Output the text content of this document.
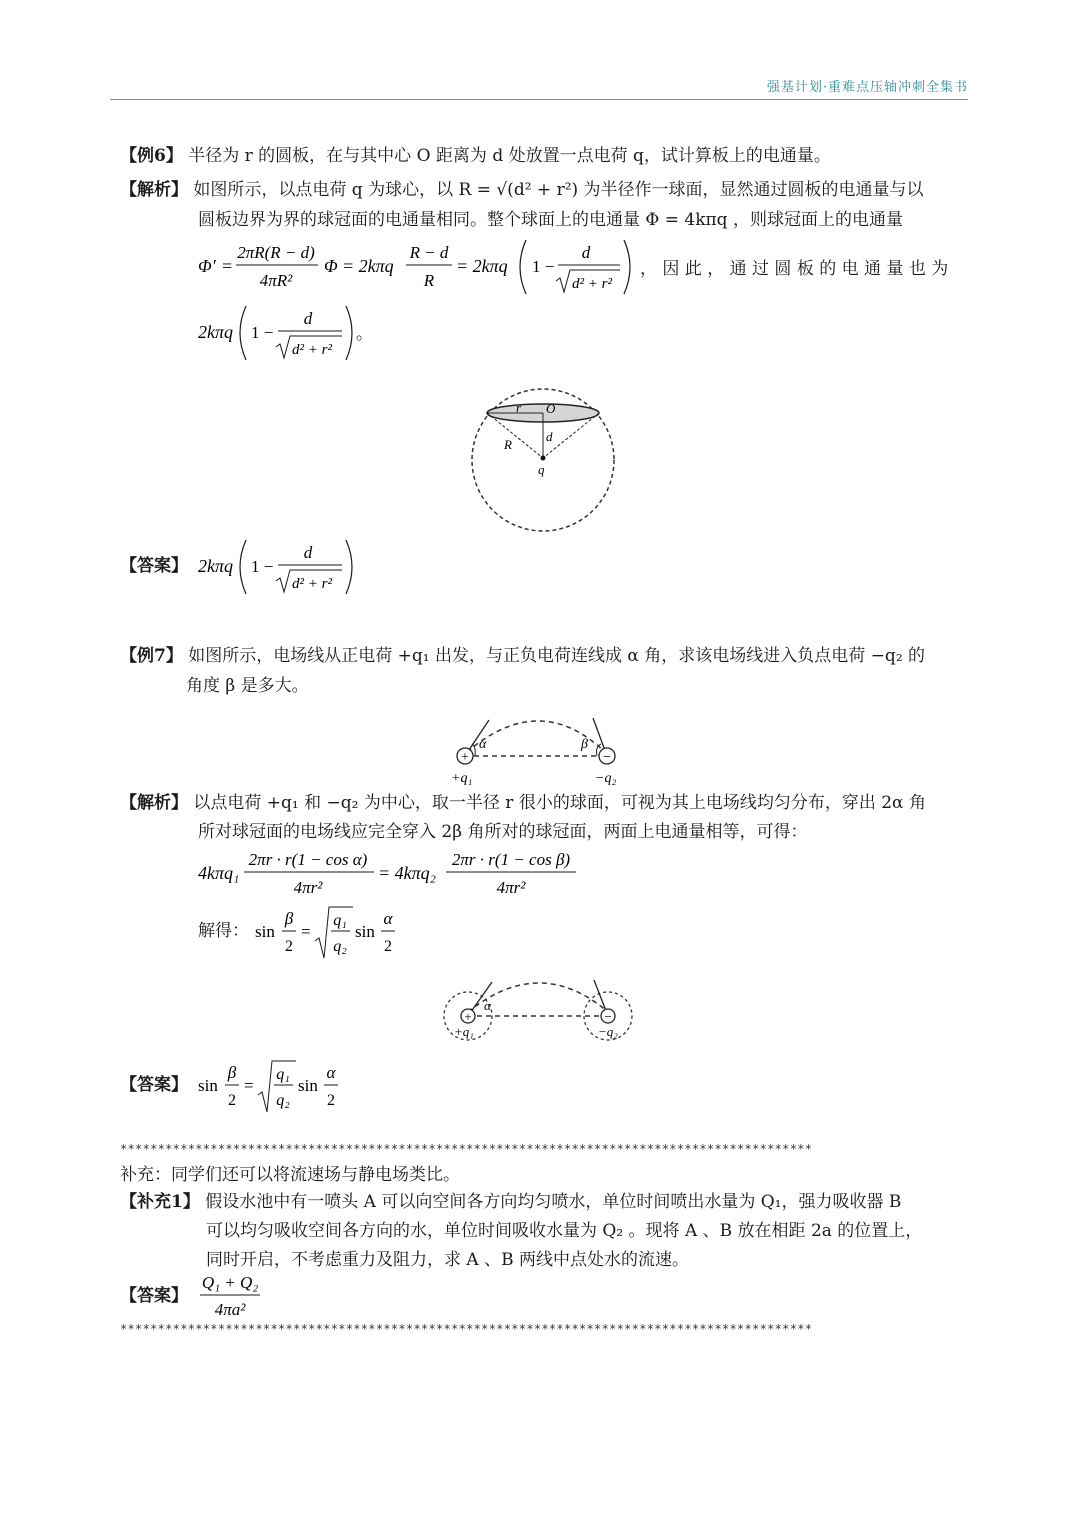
强基计划·重难点压轴冲刺全集书
【例6】 半径为 r 的圆板，在与其中心 O 距离为 d 处放置一点电荷 q，试计算板上的电通量。
【解析】 如图所示，以点电荷 q 为球心，以 R = √(d² + r²) 为半径作一球面，显然通过圆板的电通量与以
圆板边界为界的球冠面的电通量相同。整个球面上的电通量 Φ = 4kπq ，则球冠面上的电通量
Φ′ =
2πR(R − d)
4πR²
Φ = 2kπq
R − d
R
= 2kπq 1 −
d
d² + r²
， 因 此 ， 通 过 圆 板 的 电 通 量 也 为
2kπq 1 −
d
d² + r²
。
r O
d
R
q
【答案】 2kπq 1 −
d
d² + r²
【例7】 如图所示，电场线从正电荷 +q₁ 出发，与正负电荷连线成 α 角，求该电场线进入负点电荷 −q₂ 的
角度 β 是多大。
+	−
α	β
+q₁	−q₂
【解析】 以点电荷 +q₁ 和 −q₂ 为中心，取一半径 r 很小的球面，可视为其上电场线均匀分布，穿出 2α 角
所对球冠面的电场线应完全穿入 2β 角所对的球冠面，两面上电通量相等，可得：
4kπq₁
2πr · r(1 − cos α)
4πr²
= 4kπq₂
2πr · r(1 − cos β)
4πr²
解得： sin
β
2
=
q₁
q₂
sin
α
2
+	−
α
+q₁	−q₂
【答案】 sin
β
2
=
q₁
q₂
sin
α
2
********************************************************************************************
补充：同学们还可以将流速场与静电场类比。
【补充1】 假设水池中有一喷头 A 可以向空间各方向均匀喷水，单位时间喷出水量为 Q₁，强力吸收器 B
可以均匀吸收空间各方向的水，单位时间吸收水量为 Q₂ 。现将 A 、B 放在相距 2a 的位置上，
同时开启，不考虑重力及阻力，求 A 、B 两线中点处水的流速。
【答案】
Q₁ + Q₂
4πa²
********************************************************************************************
